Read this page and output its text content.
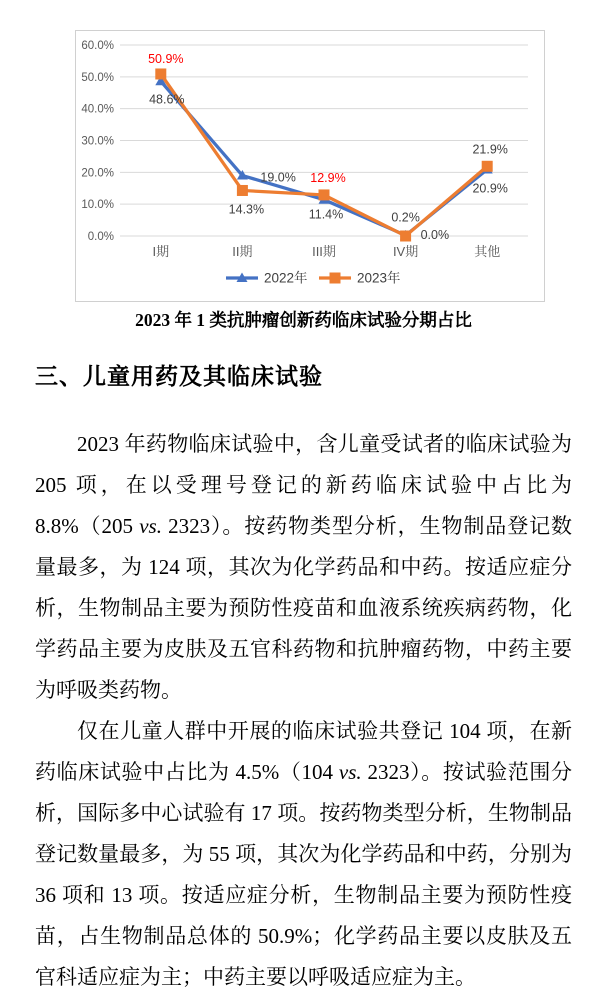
0.0%
10.0%
20.0%
30.0%
40.0%
50.0%
60.0%
I期	II期	III期	IV期	其他
48.6%
19.0%
11.4%	0.2%
20.9%
50.9%
14.3%
12.9%
0.0%
21.9%
2022年	2023年
2023 年 1 类抗肿瘤创新药临床试验分期占比
三、儿童用药及其临床试验

2023 年药物临床试验中，含儿童受试者的临床试验为 205 项，在以受理号登记的新药临床试验中占比为 8.8%（205 vs. 2323）。按药物类型分析，生物制品登记数量最多，为 124 项，其次为化学药品和中药。按适应症分析，生物制品主要为预防性疫苗和血液系统疾病药物，化学药品主要为皮肤及五官科药物和抗肿瘤药物，中药主要为呼吸类药物。

仅在儿童人群中开展的临床试验共登记 104 项，在新药临床试验中占比为 4.5%（104 vs. 2323）。按试验范围分析，国际多中心试验有 17 项。按药物类型分析，生物制品登记数量最多，为 55 项，其次为化学药品和中药，分别为 36 项和 13 项。按适应症分析，生物制品主要为预防性疫苗，占生物制品总体的 50.9%；化学药品主要以皮肤及五官科适应症为主；中药主要以呼吸适应症为主。
